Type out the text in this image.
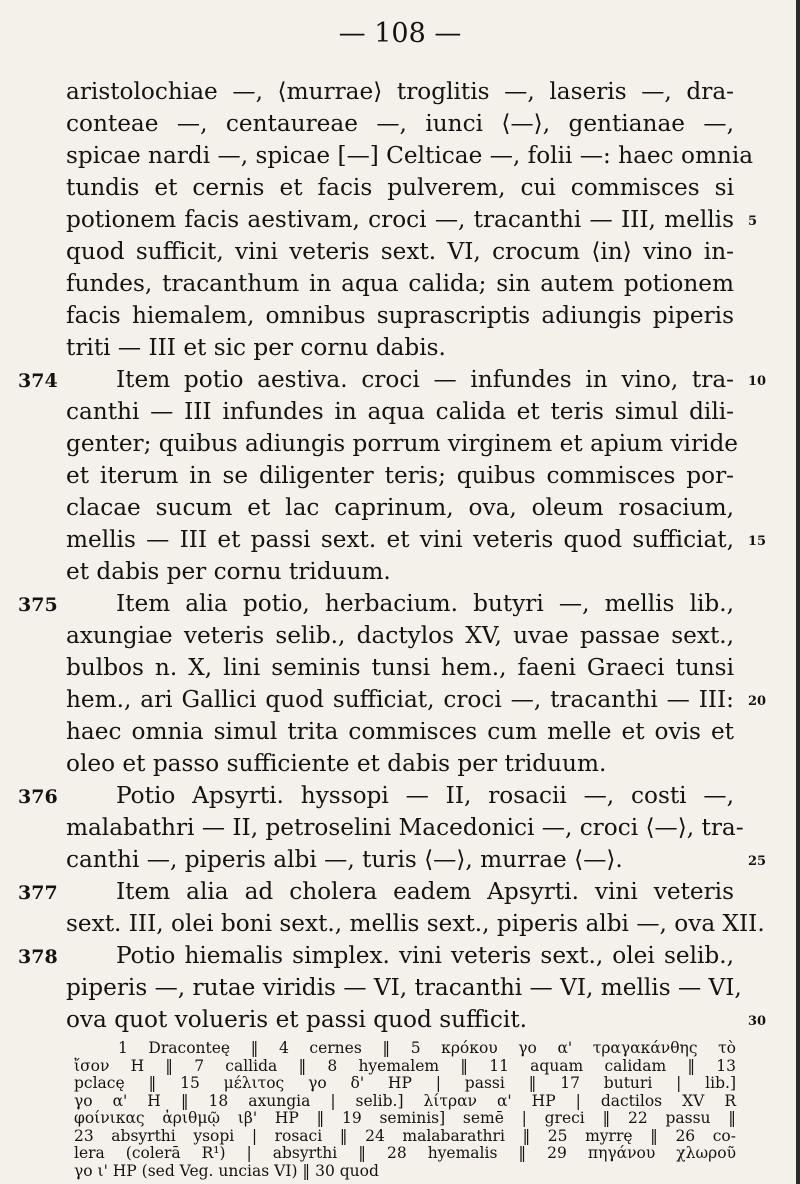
— 108 —
aristolochiae —, ⟨murrae⟩ troglitis —, laseris —, dra-
conteae —, centaureae —, iunci ⟨—⟩, gentianae —,
spicae nardi —, spicae [—] Celticae —, folii —: haec omnia
tundis et cernis et facis pulverem, cui commisces si
potionem facis aestivam, croci —, tracanthi — III, mellis
quod sufficit, vini veteris sext. VI, crocum ⟨in⟩ vino in-
fundes, tracanthum in aqua calida; sin autem potionem
facis hiemalem, omnibus suprascriptis adiungis piperis
triti — III et sic per cornu dabis.
Item potio aestiva. croci — infundes in vino, tra-
canthi — III infundes in aqua calida et teris simul dili-
genter; quibus adiungis porrum virginem et apium viride
et iterum in se diligenter teris; quibus commisces por-
clacae sucum et lac caprinum, ova, oleum rosacium,
mellis — III et passi sext. et vini veteris quod sufficiat,
et dabis per cornu triduum.
Item alia potio, herbacium. butyri —, mellis lib.,
axungiae veteris selib., dactylos XV, uvae passae sext.,
bulbos n. X, lini seminis tunsi hem., faeni Graeci tunsi
hem., ari Gallici quod sufficiat, croci —, tracanthi — III:
haec omnia simul trita commisces cum melle et ovis et
oleo et passo sufficiente et dabis per triduum.
Potio Apsyrti. hyssopi — II, rosacii —, costi —,
malabathri — II, petroselini Macedonici —, croci ⟨—⟩, tra-
canthi —, piperis albi —, turis ⟨—⟩, murrae ⟨—⟩.
Item alia ad cholera eadem Apsyrti. vini veteris
sext. III, olei boni sext., mellis sext., piperis albi —, ova XII.
Potio hiemalis simplex. vini veteris sext., olei selib.,
piperis —, rutae viridis — VI, tracanthi — VI, mellis — VI,
ova quot volueris et passi quod sufficit.
374
375
376
377
378
5
10
15
20
25
30
1 Draconteę ‖ 4 cernes ‖ 5 κρόκου γο α' τραγακάνθης τὸ
ἴσον H ‖ 7 callida ‖ 8 hyemalem ‖ 11 aquam calidam ‖ 13
pclacę ‖ 15 μέλιτος γο δ' HP | passi ‖ 17 buturi | lib.]
γο α' H ‖ 18 axungia | selib.] λίτραν α' HP | dactilos XV R
φοίνικας ἀριθμῷ ιβ' HP ‖ 19 seminis] semē | greci ‖ 22 passu ‖
23 absyrthi ysopi | rosaci ‖ 24 malabarathri ‖ 25 myrrę ‖ 26 co-
lera (colerā R¹) | absyrthi ‖ 28 hyemalis ‖ 29 πηγάνου χλωροῦ
γο ι' HP (sed Veg. uncias VI) ‖ 30 quod
